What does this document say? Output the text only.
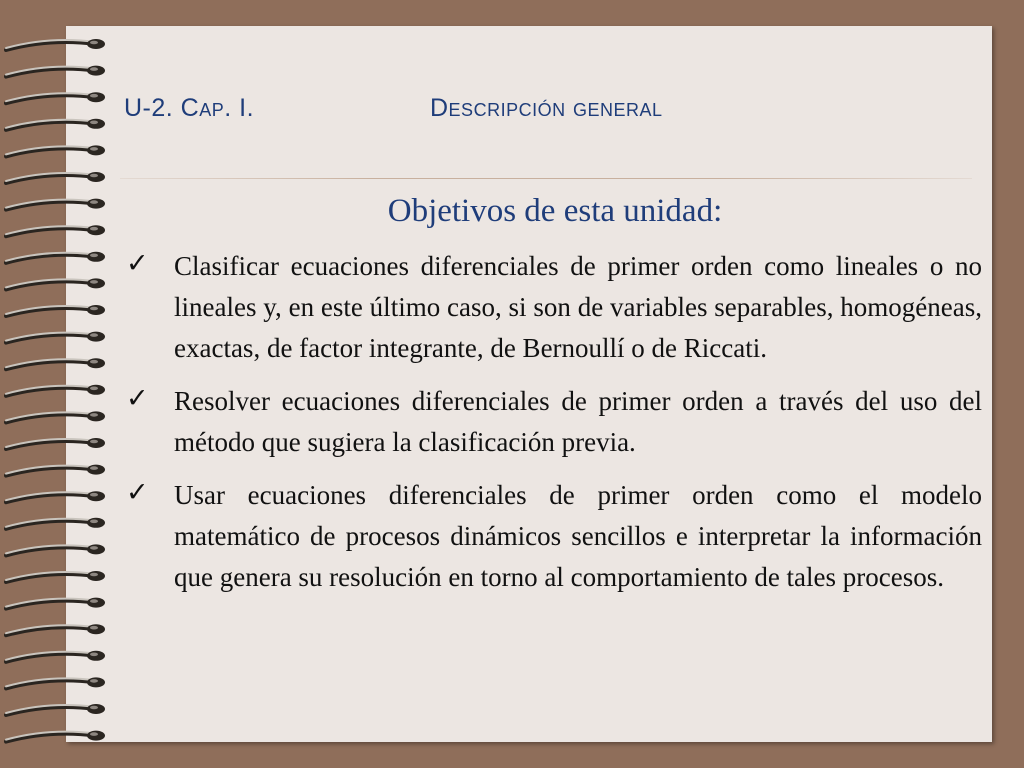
U-2. Cap. I.	Descripción general
Objetivos de esta unidad:
✓ Clasificar ecuaciones diferenciales de primer orden como lineales o no lineales y, en este último caso, si son de variables separables, homogéneas, exactas, de factor integrante, de Bernoullí o de Riccati.
✓ Resolver ecuaciones diferenciales de primer orden a través del uso del método que sugiera la clasificación previa.
✓ Usar ecuaciones diferenciales de primer orden como el modelo matemático de procesos dinámicos sencillos e interpretar la información que genera su resolución en torno al comportamiento de tales procesos.
